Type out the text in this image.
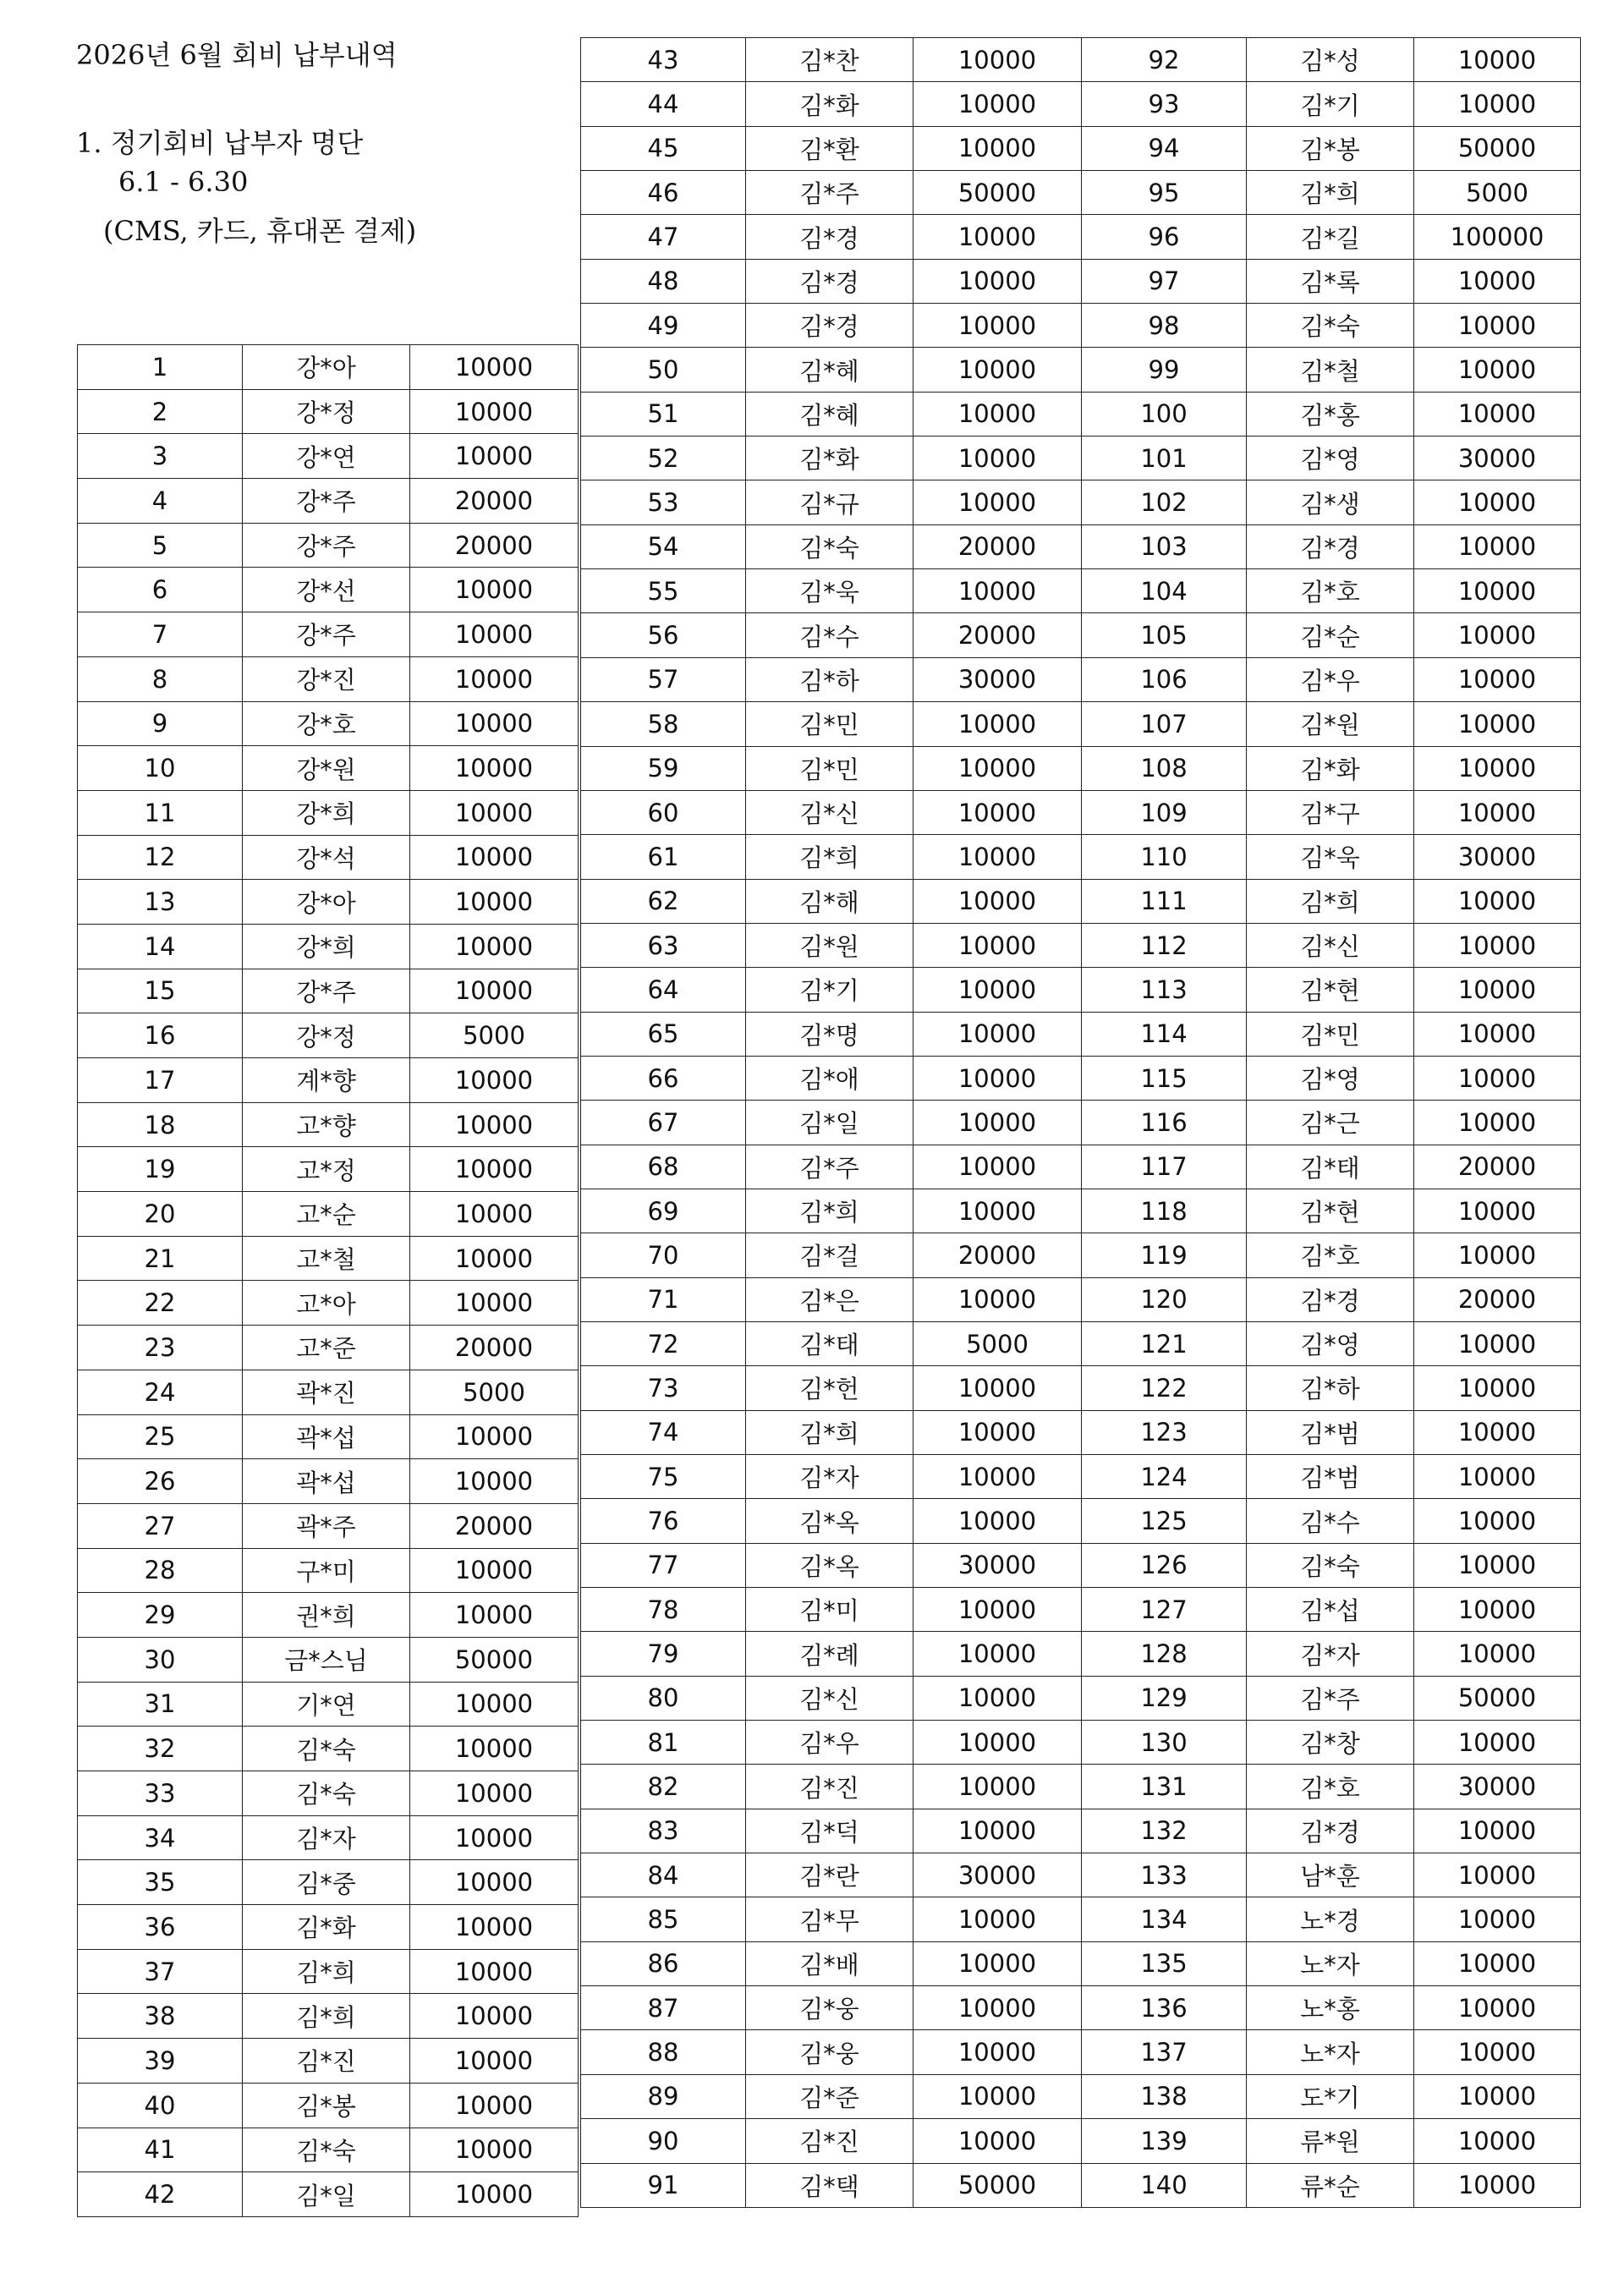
2026년 6월 회비 납부내역
1. 정기회비 납부자 명단
6.1 - 6.30
(CMS, 카드, 휴대폰 결제)
1	강*아	10000
2	강*정	10000
3	강*연	10000
4	강*주	20000
5	강*주	20000
6	강*선	10000
7	강*주	10000
8	강*진	10000
9	강*호	10000
10	강*원	10000
11	강*희	10000
12	강*석	10000
13	강*아	10000
14	강*희	10000
15	강*주	10000
16	강*정	5000
17	계*향	10000
18	고*향	10000
19	고*정	10000
20	고*순	10000
21	고*철	10000
22	고*아	10000
23	고*준	20000
24	곽*진	5000
25	곽*섭	10000
26	곽*섭	10000
27	곽*주	20000
28	구*미	10000
29	권*희	10000
30	금*스님	50000
31	기*연	10000
32	김*숙	10000
33	김*숙	10000
34	김*자	10000
35	김*중	10000
36	김*화	10000
37	김*희	10000
38	김*희	10000
39	김*진	10000
40	김*봉	10000
41	김*숙	10000
42	김*일	10000
43	김*찬	10000	92	김*성	10000
44	김*화	10000	93	김*기	10000
45	김*환	10000	94	김*봉	50000
46	김*주	50000	95	김*희	5000
47	김*경	10000	96	김*길	100000
48	김*경	10000	97	김*록	10000
49	김*경	10000	98	김*숙	10000
50	김*혜	10000	99	김*철	10000
51	김*혜	10000	100	김*홍	10000
52	김*화	10000	101	김*영	30000
53	김*규	10000	102	김*생	10000
54	김*숙	20000	103	김*경	10000
55	김*욱	10000	104	김*호	10000
56	김*수	20000	105	김*순	10000
57	김*하	30000	106	김*우	10000
58	김*민	10000	107	김*원	10000
59	김*민	10000	108	김*화	10000
60	김*신	10000	109	김*구	10000
61	김*희	10000	110	김*욱	30000
62	김*해	10000	111	김*희	10000
63	김*원	10000	112	김*신	10000
64	김*기	10000	113	김*현	10000
65	김*명	10000	114	김*민	10000
66	김*애	10000	115	김*영	10000
67	김*일	10000	116	김*근	10000
68	김*주	10000	117	김*태	20000
69	김*희	10000	118	김*현	10000
70	김*걸	20000	119	김*호	10000
71	김*은	10000	120	김*경	20000
72	김*태	5000	121	김*영	10000
73	김*헌	10000	122	김*하	10000
74	김*희	10000	123	김*범	10000
75	김*자	10000	124	김*범	10000
76	김*옥	10000	125	김*수	10000
77	김*옥	30000	126	김*숙	10000
78	김*미	10000	127	김*섭	10000
79	김*례	10000	128	김*자	10000
80	김*신	10000	129	김*주	50000
81	김*우	10000	130	김*창	10000
82	김*진	10000	131	김*호	30000
83	김*덕	10000	132	김*경	10000
84	김*란	30000	133	남*훈	10000
85	김*무	10000	134	노*경	10000
86	김*배	10000	135	노*자	10000
87	김*웅	10000	136	노*홍	10000
88	김*웅	10000	137	노*자	10000
89	김*준	10000	138	도*기	10000
90	김*진	10000	139	류*원	10000
91	김*택	50000	140	류*순	10000
